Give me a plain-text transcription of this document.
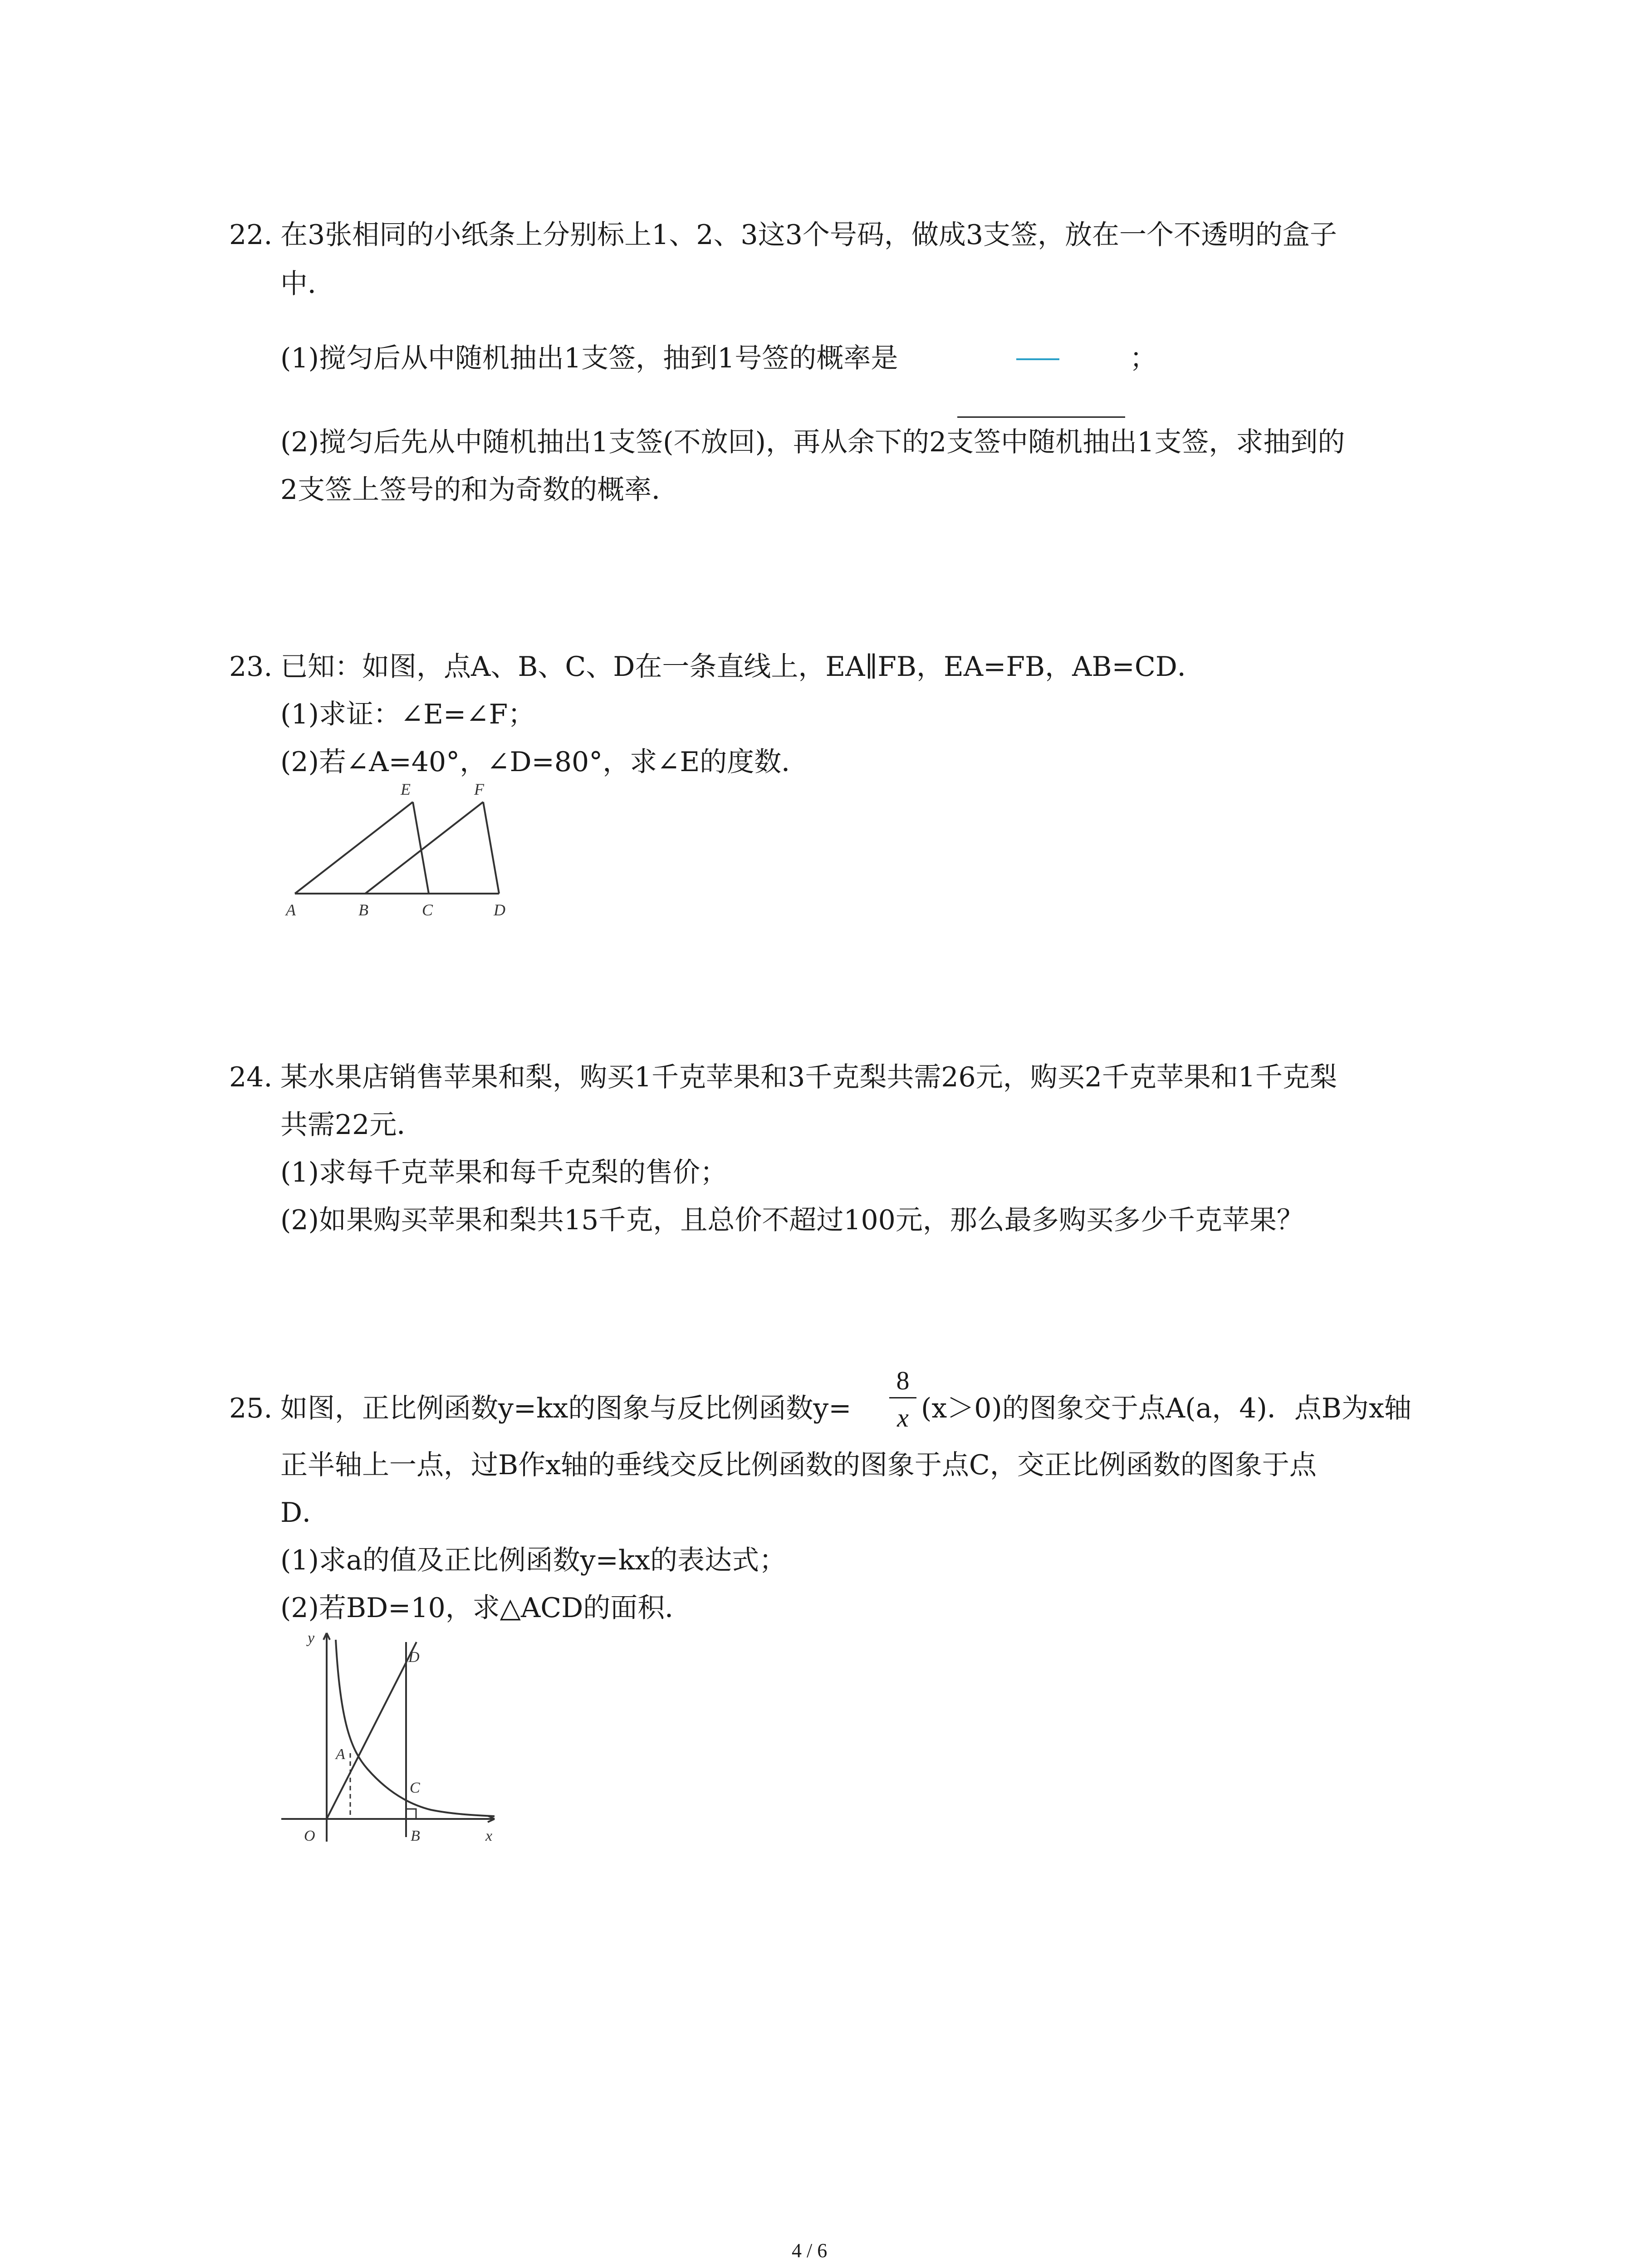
22. 在3张相同的小纸条上分别标上1、2、3这3个号码，做成3支签，放在一个不透明的盒子
中．
(1)搅匀后从中随机抽出1支签，抽到1号签的概率是	；
(2)搅匀后先从中随机抽出1支签(不放回)，再从余下的2支签中随机抽出1支签，求抽到的
2支签上签号的和为奇数的概率．
23. 已知：如图，点A、B、C、D在一条直线上，EA∥FB，EA=FB，AB=CD．
(1)求证：∠E=∠F；
(2)若∠A=40°，∠D=80°，求∠E的度数．
E	F
A	B	C	D
24. 某水果店销售苹果和梨，购买1千克苹果和3千克梨共需26元，购买2千克苹果和1千克梨
共需22元．
(1)求每千克苹果和每千克梨的售价；
(2)如果购买苹果和梨共15千克，且总价不超过100元，那么最多购买多少千克苹果？
25. 如图，正比例函数y=kx的图象与反比例函数y=
8
x (x＞0)的图象交于点A(a，4)．点B为x轴
正半轴上一点，过B作x轴的垂线交反比例函数的图象于点C，交正比例函数的图象于点
D．
(1)求a的值及正比例函数y=kx的表达式；
(2)若BD=10，求△ACD的面积．
y
x
O
A
B
C
D
4 / 6
